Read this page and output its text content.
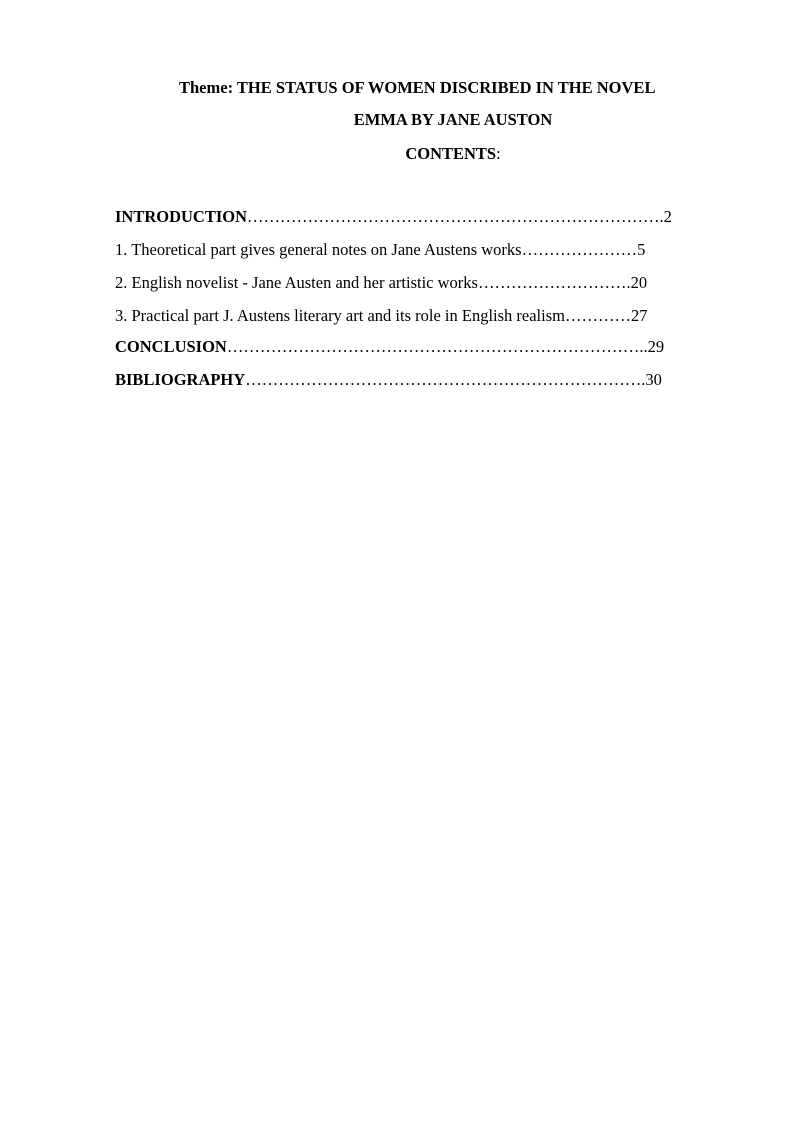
Theme: THE STATUS OF WOMEN DISCRIBED IN THE NOVEL
EMMA BY JANE AUSTON
CONTENTS:
INTRODUCTION………………………………………………………………….2
1. Theoretical part gives general notes on Jane Austens works…………………5
2. English novelist - Jane Austen and her artistic works……………………….20
3. Practical part J. Austens literary art and its role in English realism…………27
CONCLUSION…………………………………………………………………..29
BIBLIOGRAPHY……………………………………………………………….30
